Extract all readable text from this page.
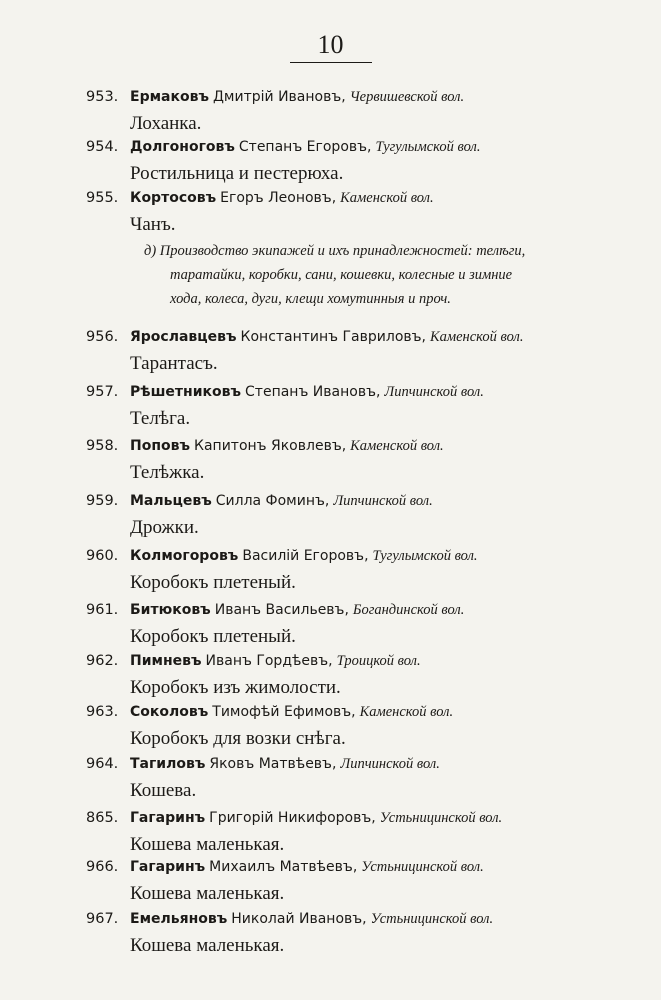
10
953. Ермаковъ Дмитрій Ивановъ, Червишевской вол.
Лоханка.
954. Долгоноговъ Степанъ Егоровъ, Тугулымской вол.
Ростильница и пестерюха.
955. Кортосовъ Егоръ Леоновъ, Каменской вол.
Чанъ.
д) Производство экипажей и ихъ принадлежностей: телѣги,
таратайки, коробки, сани, кошевки, колесные и зимние
хода, колеса, дуги, клещи хомутинныя и проч.
956. Ярославцевъ Константинъ Гавриловъ, Каменской вол.
Тарантасъ.
957. Рѣшетниковъ Степанъ Ивановъ, Липчинской вол.
Телѣга.
958. Поповъ Капитонъ Яковлевъ, Каменской вол.
Телѣжка.
959. Мальцевъ Силла Фоминъ, Липчинской вол.
Дрожки.
960. Колмогоровъ Василій Егоровъ, Тугулымской вол.
Коробокъ плетеный.
961. Битюковъ Иванъ Васильевъ, Богандинской вол.
Коробокъ плетеный.
962. Пимневъ Иванъ Гордѣевъ, Троицкой вол.
Коробокъ изъ жимолости.
963. Соколовъ Тимофѣй Ефимовъ, Каменской вол.
Коробокъ для возки снѣга.
964. Тагиловъ Яковъ Матвѣевъ, Липчинской вол.
Кошева.
865. Гагаринъ Григорій Никифоровъ, Устьницинской вол.
Кошева маленькая.
966. Гагаринъ Михаилъ Матвѣевъ, Устьницинской вол.
Кошева маленькая.
967. Емельяновъ Николай Ивановъ, Устьницинской вол.
Кошева маленькая.
